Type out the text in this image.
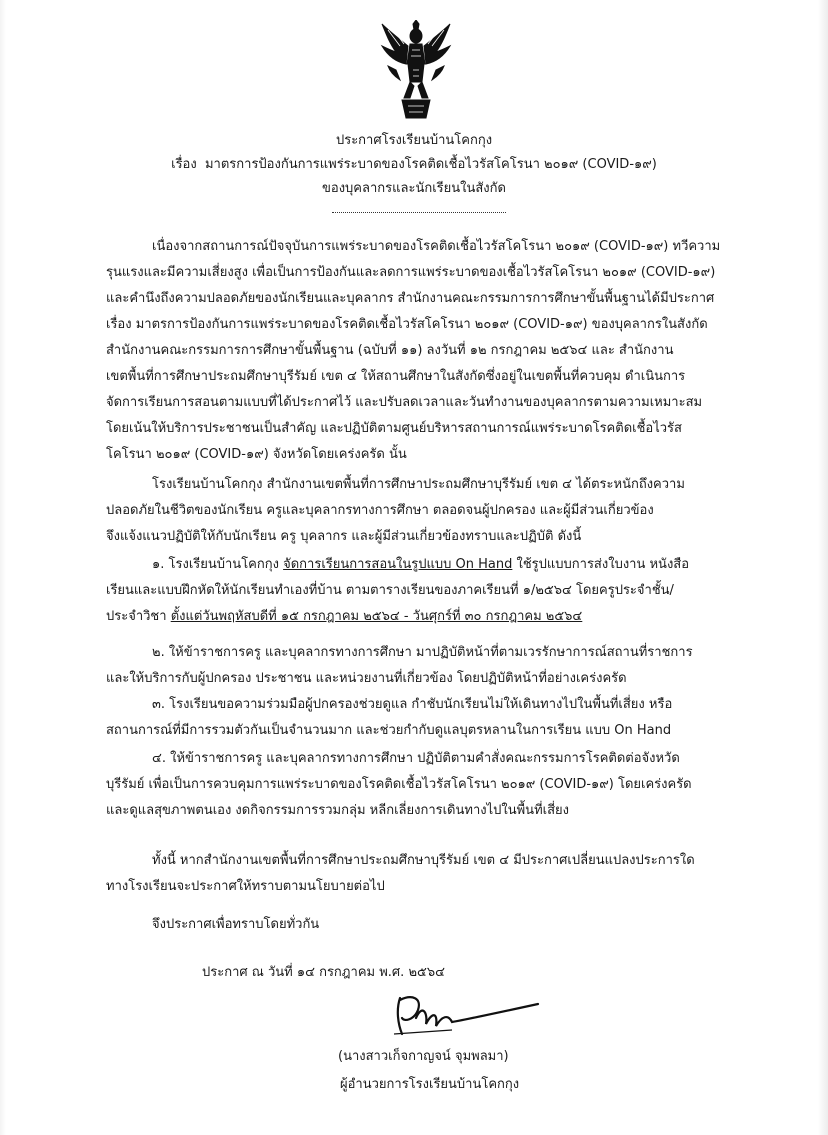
ประกาศโรงเรียนบ้านโคกกุง
เรื่อง มาตรการป้องกันการแพร่ระบาดของโรคติดเชื้อไวรัสโคโรนา ๒๐๑๙ (COVID-๑๙)
ของบุคลากรและนักเรียนในสังกัด
เนื่องจากสถานการณ์ปัจจุบันการแพร่ระบาดของโรคติดเชื้อไวรัสโคโรนา ๒๐๑๙ (COVID-๑๙) ทวีความ
รุนแรงและมีความเสี่ยงสูง เพื่อเป็นการป้องกันและลดการแพร่ระบาดของเชื้อไวรัสโคโรนา ๒๐๑๙ (COVID-๑๙)
และคำนึงถึงความปลอดภัยของนักเรียนและบุคลากร สำนักงานคณะกรรมการการศึกษาขั้นพื้นฐานได้มีประกาศ
เรื่อง มาตรการป้องกันการแพร่ระบาดของโรคติดเชื้อไวรัสโคโรนา ๒๐๑๙ (COVID-๑๙) ของบุคลากรในสังกัด
สำนักงานคณะกรรมการการศึกษาขั้นพื้นฐาน (ฉบับที่ ๑๑) ลงวันที่ ๑๒ กรกฎาคม ๒๕๖๔ และ สำนักงาน
เขตพื้นที่การศึกษาประถมศึกษาบุรีรัมย์ เขต ๔ ให้สถานศึกษาในสังกัดซึ่งอยู่ในเขตพื้นที่ควบคุม ดำเนินการ
จัดการเรียนการสอนตามแบบที่ได้ประกาศไว้ และปรับลดเวลาและวันทำงานของบุคลากรตามความเหมาะสม
โดยเน้นให้บริการประชาชนเป็นสำคัญ และปฏิบัติตามศูนย์บริหารสถานการณ์แพร่ระบาดโรคติดเชื้อไวรัส
โคโรนา ๒๐๑๙ (COVID-๑๙) จังหวัดโดยเคร่งครัด นั้น
โรงเรียนบ้านโคกกุง สำนักงานเขตพื้นที่การศึกษาประถมศึกษาบุรีรัมย์ เขต ๔ ได้ตระหนักถึงความ
ปลอดภัยในชีวิตของนักเรียน ครูและบุคลากรทางการศึกษา ตลอดจนผู้ปกครอง และผู้มีส่วนเกี่ยวข้อง
จึงแจ้งแนวปฏิบัติให้กับนักเรียน ครู บุคลากร และผู้มีส่วนเกี่ยวข้องทราบและปฏิบัติ ดังนี้
๑. โรงเรียนบ้านโคกกุง จัดการเรียนการสอนในรูปแบบ On Hand ใช้รูปแบบการส่งใบงาน หนังสือ
เรียนและแบบฝึกหัดให้นักเรียนทำเองที่บ้าน ตามตารางเรียนของภาคเรียนที่ ๑/๒๕๖๔ โดยครูประจำชั้น/
ประจำวิชา ตั้งแต่วันพฤหัสบดีที่ ๑๕ กรกฎาคม ๒๕๖๔ - วันศุกร์ที่ ๓๐ กรกฎาคม ๒๕๖๔
๒. ให้ข้าราชการครู และบุคลากรทางการศึกษา มาปฏิบัติหน้าที่ตามเวรรักษาการณ์สถานที่ราชการ
และให้บริการกับผู้ปกครอง ประชาชน และหน่วยงานที่เกี่ยวข้อง โดยปฏิบัติหน้าที่อย่างเคร่งครัด
๓. โรงเรียนขอความร่วมมือผู้ปกครองช่วยดูแล กำชับนักเรียนไม่ให้เดินทางไปในพื้นที่เสี่ยง หรือ
สถานการณ์ที่มีการรวมตัวกันเป็นจำนวนมาก และช่วยกำกับดูแลบุตรหลานในการเรียน แบบ On Hand
๔. ให้ข้าราชการครู และบุคลากรทางการศึกษา ปฏิบัติตามคำสั่งคณะกรรมการโรคติดต่อจังหวัด
บุรีรัมย์ เพื่อเป็นการควบคุมการแพร่ระบาดของโรคติดเชื้อไวรัสโคโรนา ๒๐๑๙ (COVID-๑๙) โดยเคร่งครัด
และดูแลสุขภาพตนเอง งดกิจกรรมการรวมกลุ่ม หลีกเลี่ยงการเดินทางไปในพื้นที่เสี่ยง
ทั้งนี้ หากสำนักงานเขตพื้นที่การศึกษาประถมศึกษาบุรีรัมย์ เขต ๔ มีประกาศเปลี่ยนแปลงประการใด
ทางโรงเรียนจะประกาศให้ทราบตามนโยบายต่อไป
จึงประกาศเพื่อทราบโดยทั่วกัน
ประกาศ ณ วันที่ ๑๔ กรกฎาคม พ.ศ. ๒๕๖๔
(นางสาวเก็จกาญจน์ จุมพลมา)
ผู้อำนวยการโรงเรียนบ้านโคกกุง
